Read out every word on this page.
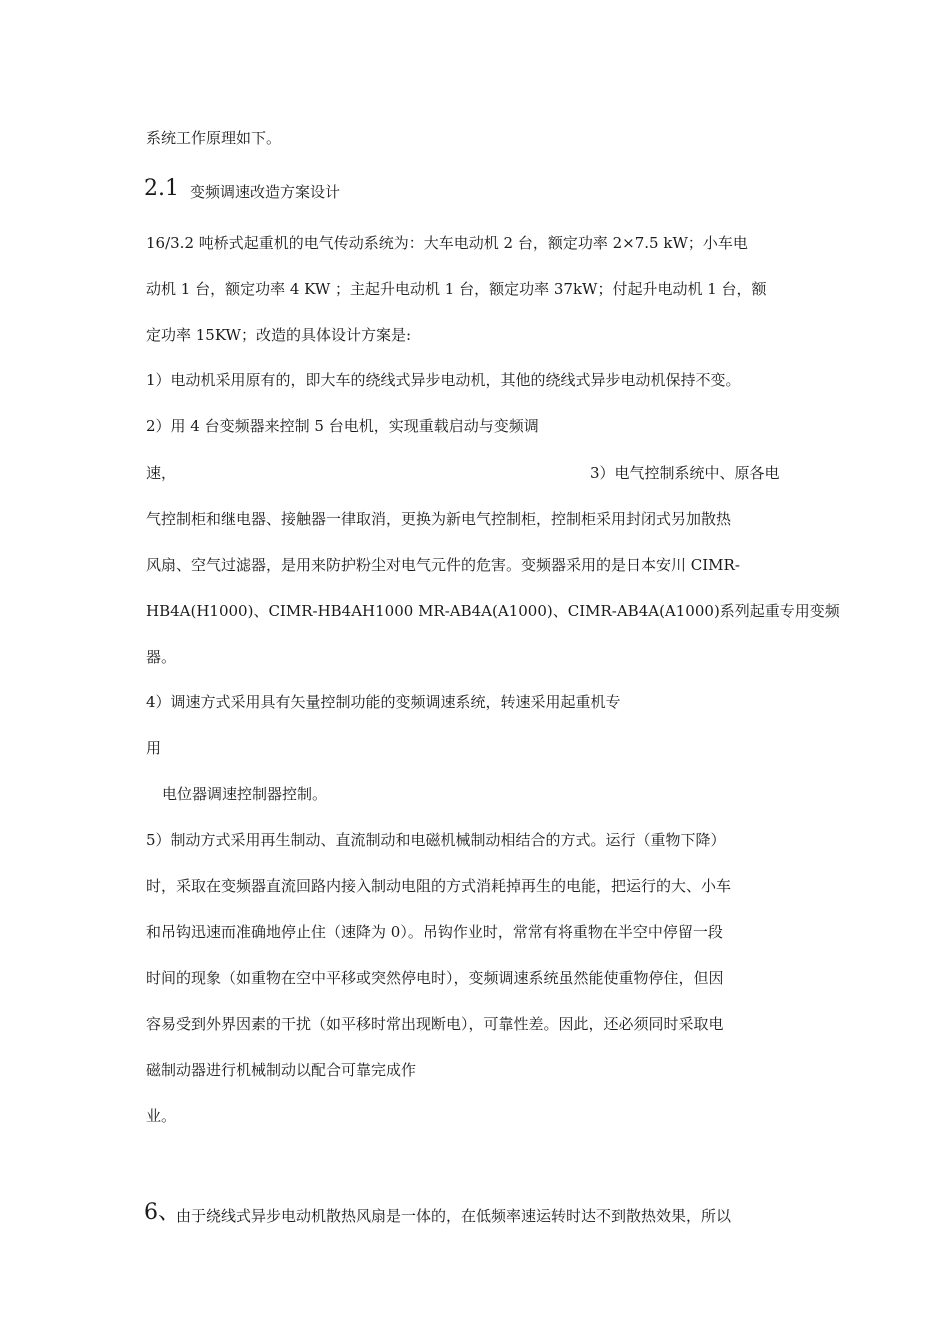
系统工作原理如下。
2.1 变频调速改造方案设计
16/3.2 吨桥式起重机的电气传动系统为：大车电动机 2 台，额定功率 2×7.5 kW；小车电
动机 1 台，额定功率 4 KW ；主起升电动机 1 台，额定功率 37kW；付起升电动机 1 台，额
定功率 15KW；改造的具体设计方案是:
1）电动机采用原有的，即大车的绕线式异步电动机，其他的绕线式异步电动机保持不变。
2）用 4 台变频器来控制 5 台电机，实现重载启动与变频调
速，	3）电气控制系统中、原各电
气控制柜和继电器、接触器一律取消，更换为新电气控制柜，控制柜采用封闭式另加散热
风扇、空气过滤器，是用来防护粉尘对电气元件的危害。变频器采用的是日本安川 CIMR-
HB4A(H1000)、CIMR-HB4AH1000 MR-AB4A(A1000)、CIMR-AB4A(A1000)系列起重专用变频
器。
4）调速方式采用具有矢量控制功能的变频调速系统，转速采用起重机专
用
电位器调速控制器控制。
5）制动方式采用再生制动、直流制动和电磁机械制动相结合的方式。运行（重物下降）
时，采取在变频器直流回路内接入制动电阻的方式消耗掉再生的电能，把运行的大、小车
和吊钩迅速而准确地停止住（速降为 0）。吊钩作业时，常常有将重物在半空中停留一段
时间的现象（如重物在空中平移或突然停电时），变频调速系统虽然能使重物停住，但因
容易受到外界因素的干扰（如平移时常出现断电），可靠性差。因此，还必须同时采取电
磁制动器进行机械制动以配合可靠完成作
业。
6、
由于绕线式异步电动机散热风扇是一体的，在低频率速运转时达不到散热效果，所以
